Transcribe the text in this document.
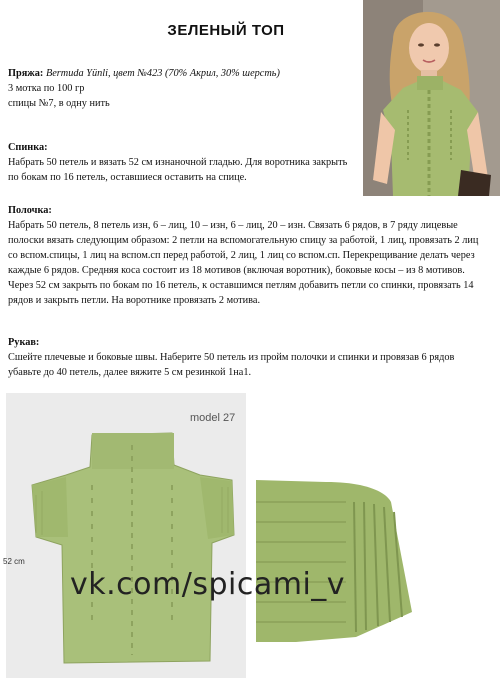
ЗЕЛЕНЫЙ ТОП
Пряжа: Bermuda Yünli, цвет №423 (70% Акрил, 30% шерсть)
3 мотка по 100 гр
спицы №7, в одну нить
Спинка:
Набрать 50 петель и вязать 52 см изнаночной гладью. Для воротника закрыть по бокам по 16 петель, оставшиеся оставить на спице.
Полочка:
Набрать 50 петель, 8 петель изн, 6 – лиц, 10 – изн, 6 – лиц, 20 – изн. Связать 6 рядов, в 7 ряду лицевые полоски вязать следующим образом: 2 петли на вспомогательную спицу за работой, 1 лиц, провязать 2 лиц со вспом.спицы, 1 лиц на вспом.сп перед работой, 2 лиц, 1 лиц со вспом.сп. Перекрещивание делать через каждые 6 рядов. Средняя коса состоит из 18 мотивов (включая воротник), боковые косы – из 8 мотивов. Через 52 см закрыть по бокам по 16 петель, к оставшимся петлям добавить петли со спинки, провязать 14 рядов и закрыть петли. На воротнике провязать 2 мотива.
Рукав:
Сшейте плечевые и боковые швы. Наберите 50 петель из пройм полочки и спинки и провязав 6 рядов убавьте до 40 петель, далее вяжите 5 см резинкой 1на1.
model 27
52 cm
vk.com/spicami_v
